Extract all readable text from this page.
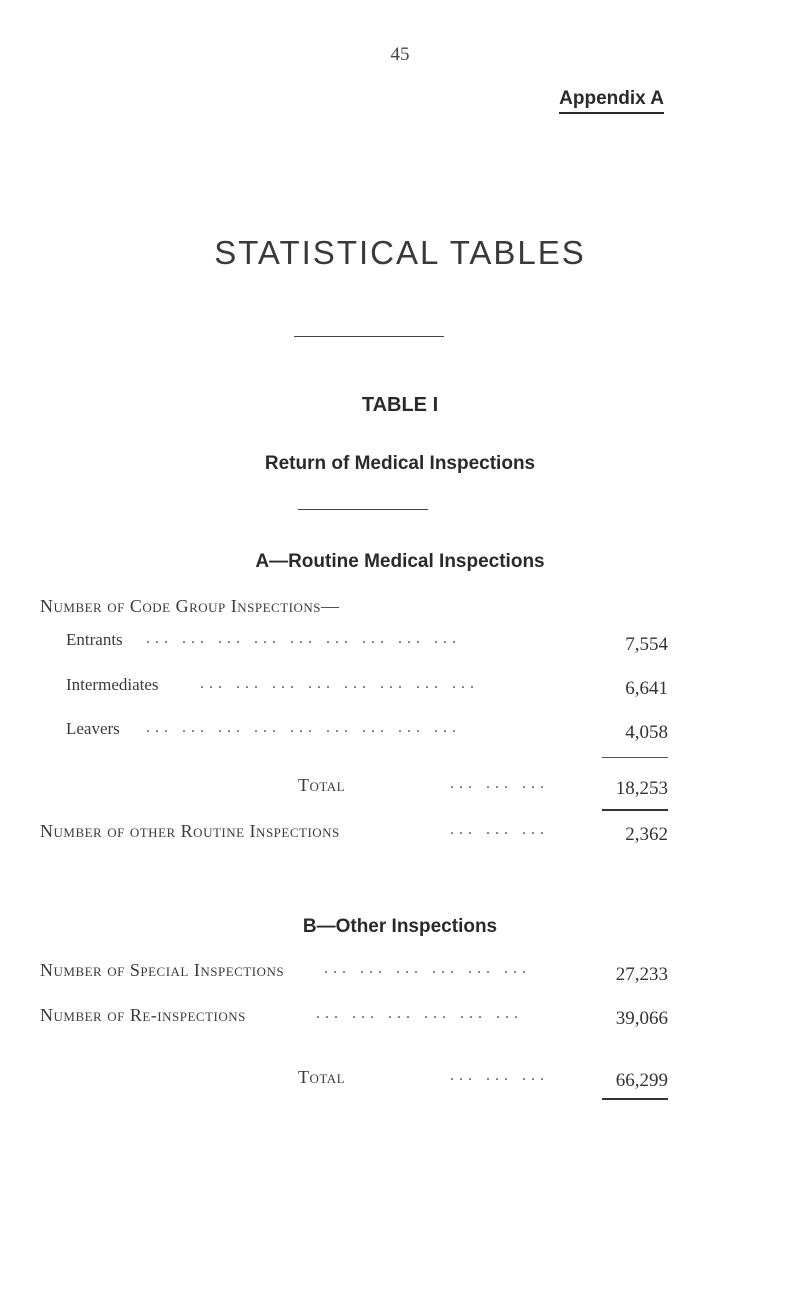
45
Appendix A
STATISTICAL TABLES
TABLE I
Return of Medical Inspections
A—Routine Medical Inspections
Number of Code Group Inspections—
Entrants ... ... ... ... ... ... ... ... ...	7,554
Intermediates	... ... ... ... ... ... ... ...	6,641
Leavers ... ... ... ... ... ... ... ... ...	4,058
Total	... ... ...	18,253
Number of other Routine Inspections	... ... ...	2,362
B—Other Inspections
Number of Special Inspections ... ... ... ... ... ...	27,233
Number of Re-inspections	... ... ... ... ... ...	39,066
Total	... ... ...	66,299
